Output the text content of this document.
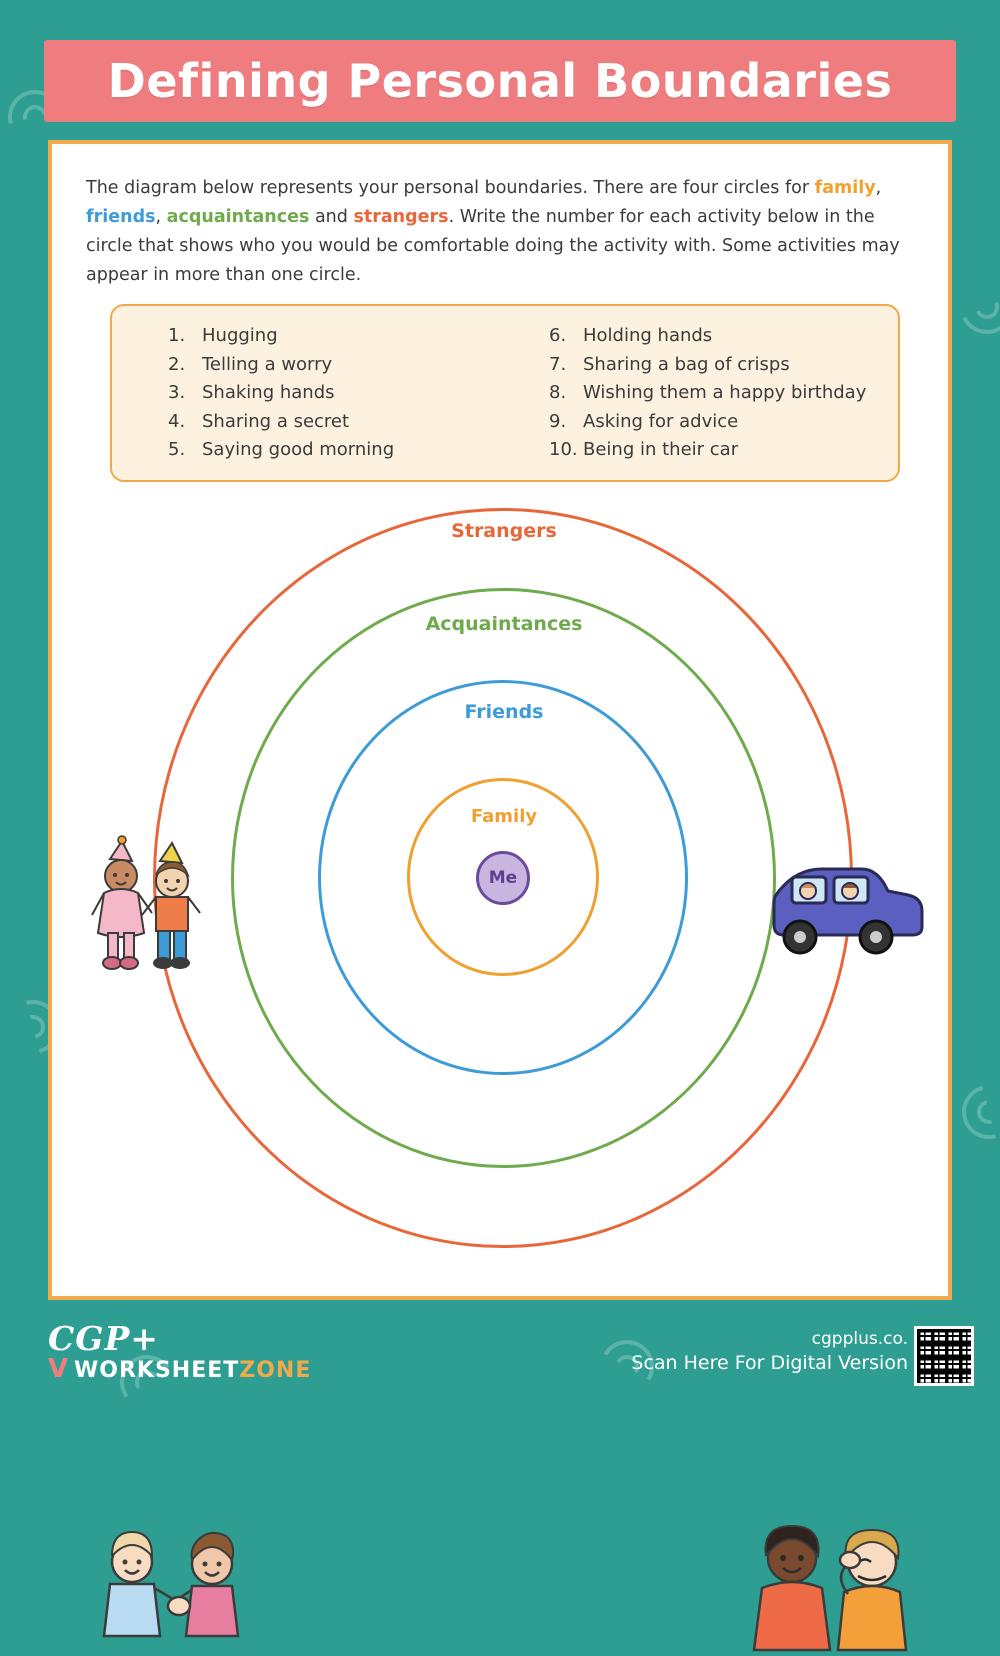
Defining Personal Boundaries
The diagram below represents your personal boundaries. There are four circles for family, friends, acquaintances and strangers. Write the number for each activity below in the circle that shows who you would be comfortable doing the activity with. Some activities may appear in more than one circle.
1. Hugging
2. Telling a worry
3. Shaking hands
4. Sharing a secret
5. Saying good morning
6. Holding hands
7. Sharing a bag of crisps
8. Wishing them a happy birthday
9. Asking for advice
10. Being in their car
Me
Strangers
Acquaintances
Friends
Family
CGP+
V WORKSHEETZONE
cgpplus.co.
Scan Here For Digital Version
